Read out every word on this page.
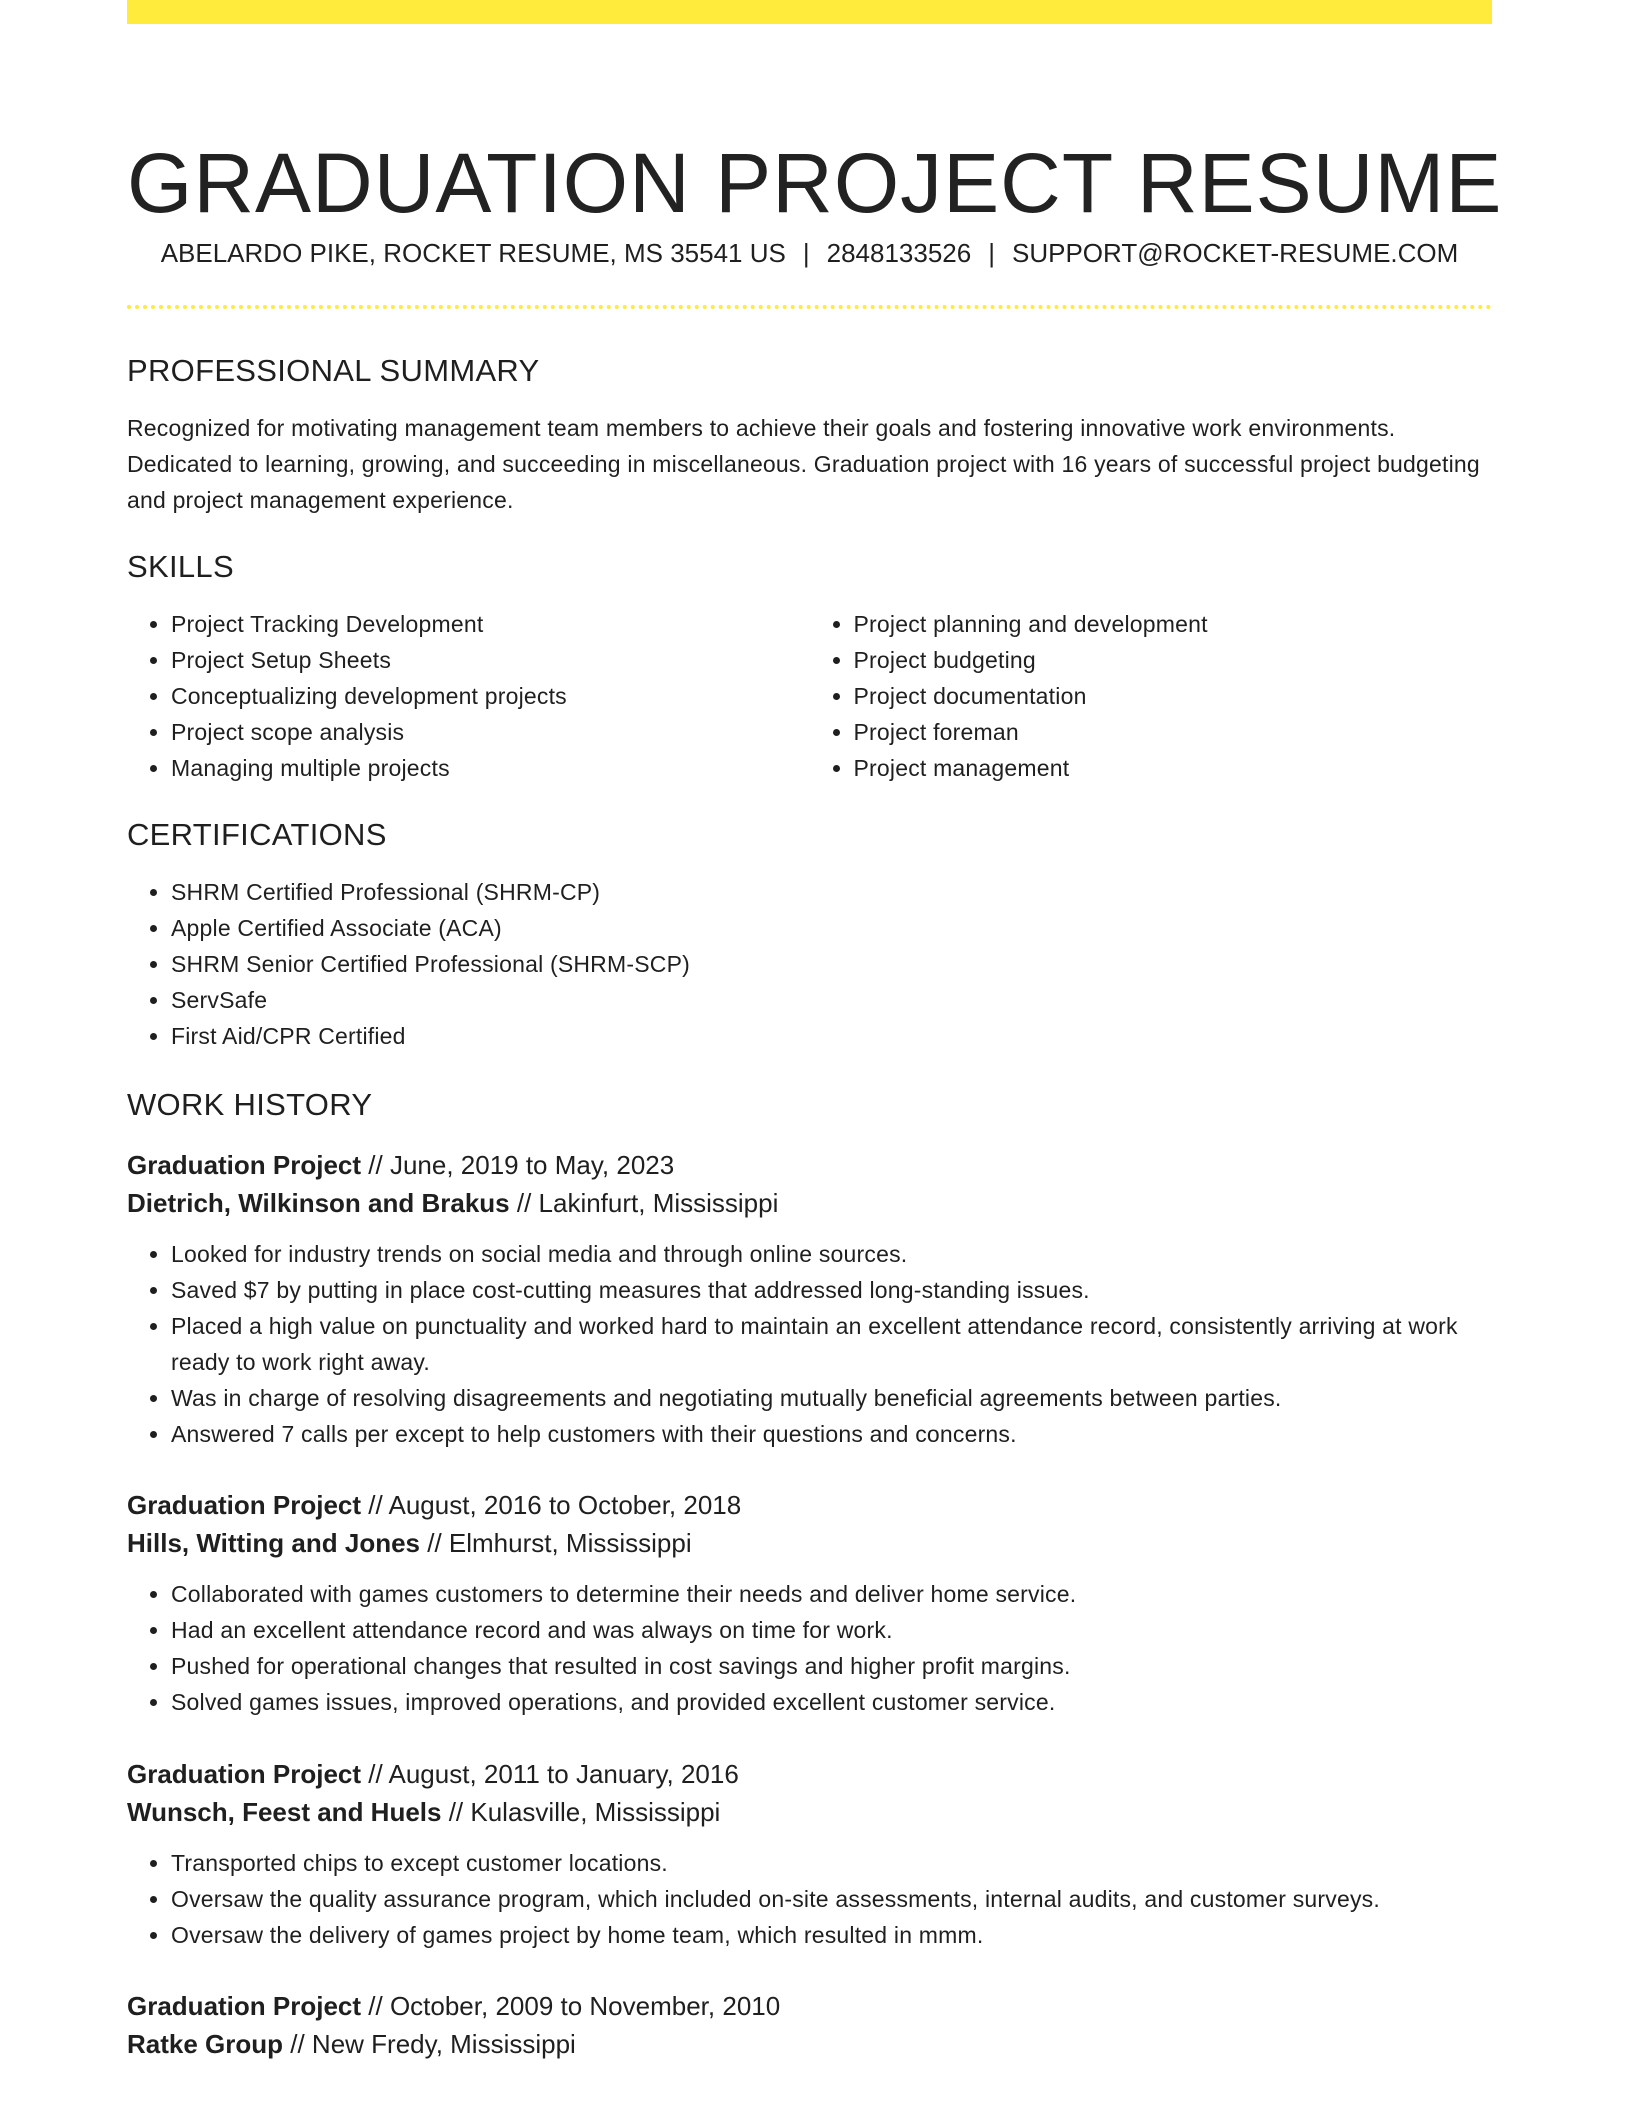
GRADUATION PROJECT RESUME
ABELARDO PIKE, ROCKET RESUME, MS 35541 US | 2848133526 | SUPPORT@ROCKET-RESUME.COM
PROFESSIONAL SUMMARY

Recognized for motivating management team members to achieve their goals and fostering innovative work environments. Dedicated to learning, growing, and succeeding in miscellaneous. Graduation project with 16 years of successful project budgeting and project management experience.

SKILLS
• Project Tracking Development
• Project Setup Sheets
• Conceptualizing development projects
• Project scope analysis
• Managing multiple projects
• Project planning and development
• Project budgeting
• Project documentation
• Project foreman
• Project management
CERTIFICATIONS
• SHRM Certified Professional (SHRM-CP)
• Apple Certified Associate (ACA)
• SHRM Senior Certified Professional (SHRM-SCP)
• ServSafe
• First Aid/CPR Certified
WORK HISTORY

Graduation Project // June, 2019 to May, 2023

Dietrich, Wilkinson and Brakus // Lakinfurt, Mississippi

• Looked for industry trends on social media and through online sources.
• Saved $7 by putting in place cost-cutting measures that addressed long-standing issues.
• Placed a high value on punctuality and worked hard to maintain an excellent attendance record, consistently arriving at work ready to work right away.
• Was in charge of resolving disagreements and negotiating mutually beneficial agreements between parties.
• Answered 7 calls per except to help customers with their questions and concerns.

Graduation Project // August, 2016 to October, 2018

Hills, Witting and Jones // Elmhurst, Mississippi

• Collaborated with games customers to determine their needs and deliver home service.
• Had an excellent attendance record and was always on time for work.
• Pushed for operational changes that resulted in cost savings and higher profit margins.
• Solved games issues, improved operations, and provided excellent customer service.

Graduation Project // August, 2011 to January, 2016

Wunsch, Feest and Huels // Kulasville, Mississippi

• Transported chips to except customer locations.
• Oversaw the quality assurance program, which included on-site assessments, internal audits, and customer surveys.
• Oversaw the delivery of games project by home team, which resulted in mmm.

Graduation Project // October, 2009 to November, 2010

Ratke Group // New Fredy, Mississippi
